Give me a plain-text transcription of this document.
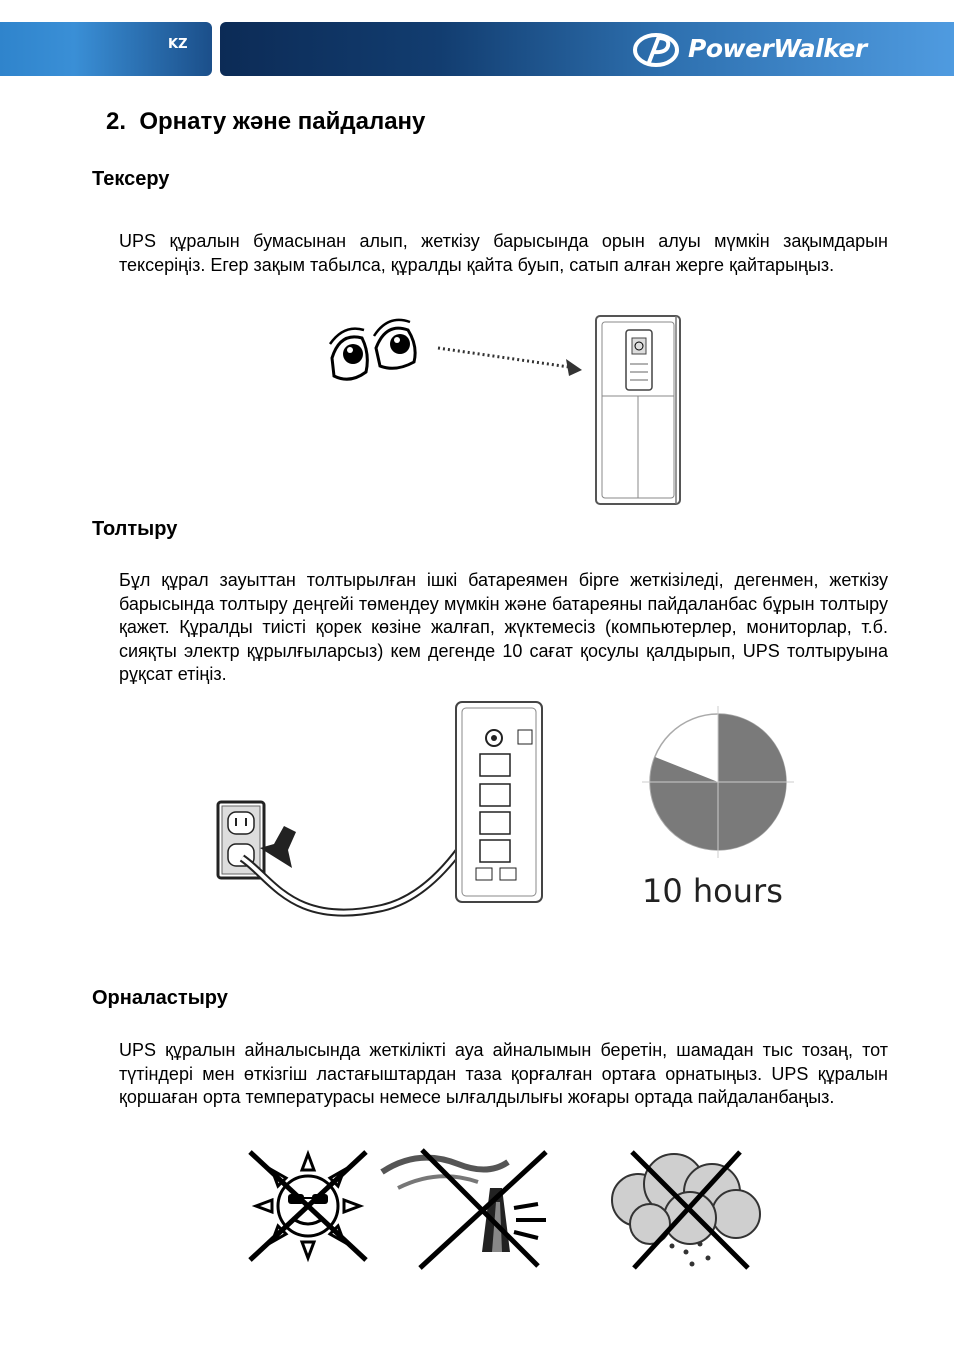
KZ	PowerWalker
2.  Орнату және пайдалану
Тексеру

UPS құралын бумасынан алып, жеткізу барысында орын алуы мүмкін зақымдарын тексеріңіз. Егер зақым табылса, құралды қайта буып, сатып алған жерге қайтарыңыз.

Толтыру

Бұл құрал зауыттан толтырылған ішкі батареямен бірге жеткізіледі, дегенмен, жеткізу барысында толтыру деңгейі төмендеу мүмкін және батареяны пайдаланбас бұрын толтыру қажет. Құралды тиісті қорек көзіне жалғап, жүктемесіз (компьютерлер, мониторлар, т.б. сияқты электр құрылғыларсыз) кем дегенде 10 сағат қосулы қалдырып, UPS толтыруына рұқсат етіңіз.

10 hours
Орналастыру

UPS құралын айналысында жеткілікті ауа айналымын беретін, шамадан тыс тозаң, тот түтіндері мен өткізгіш ластағыштардан таза қорғалған ортаға орнатыңыз. UPS құралын қоршаған орта температурасы немесе ылғалдылығы жоғары ортада пайдаланбаңыз.
